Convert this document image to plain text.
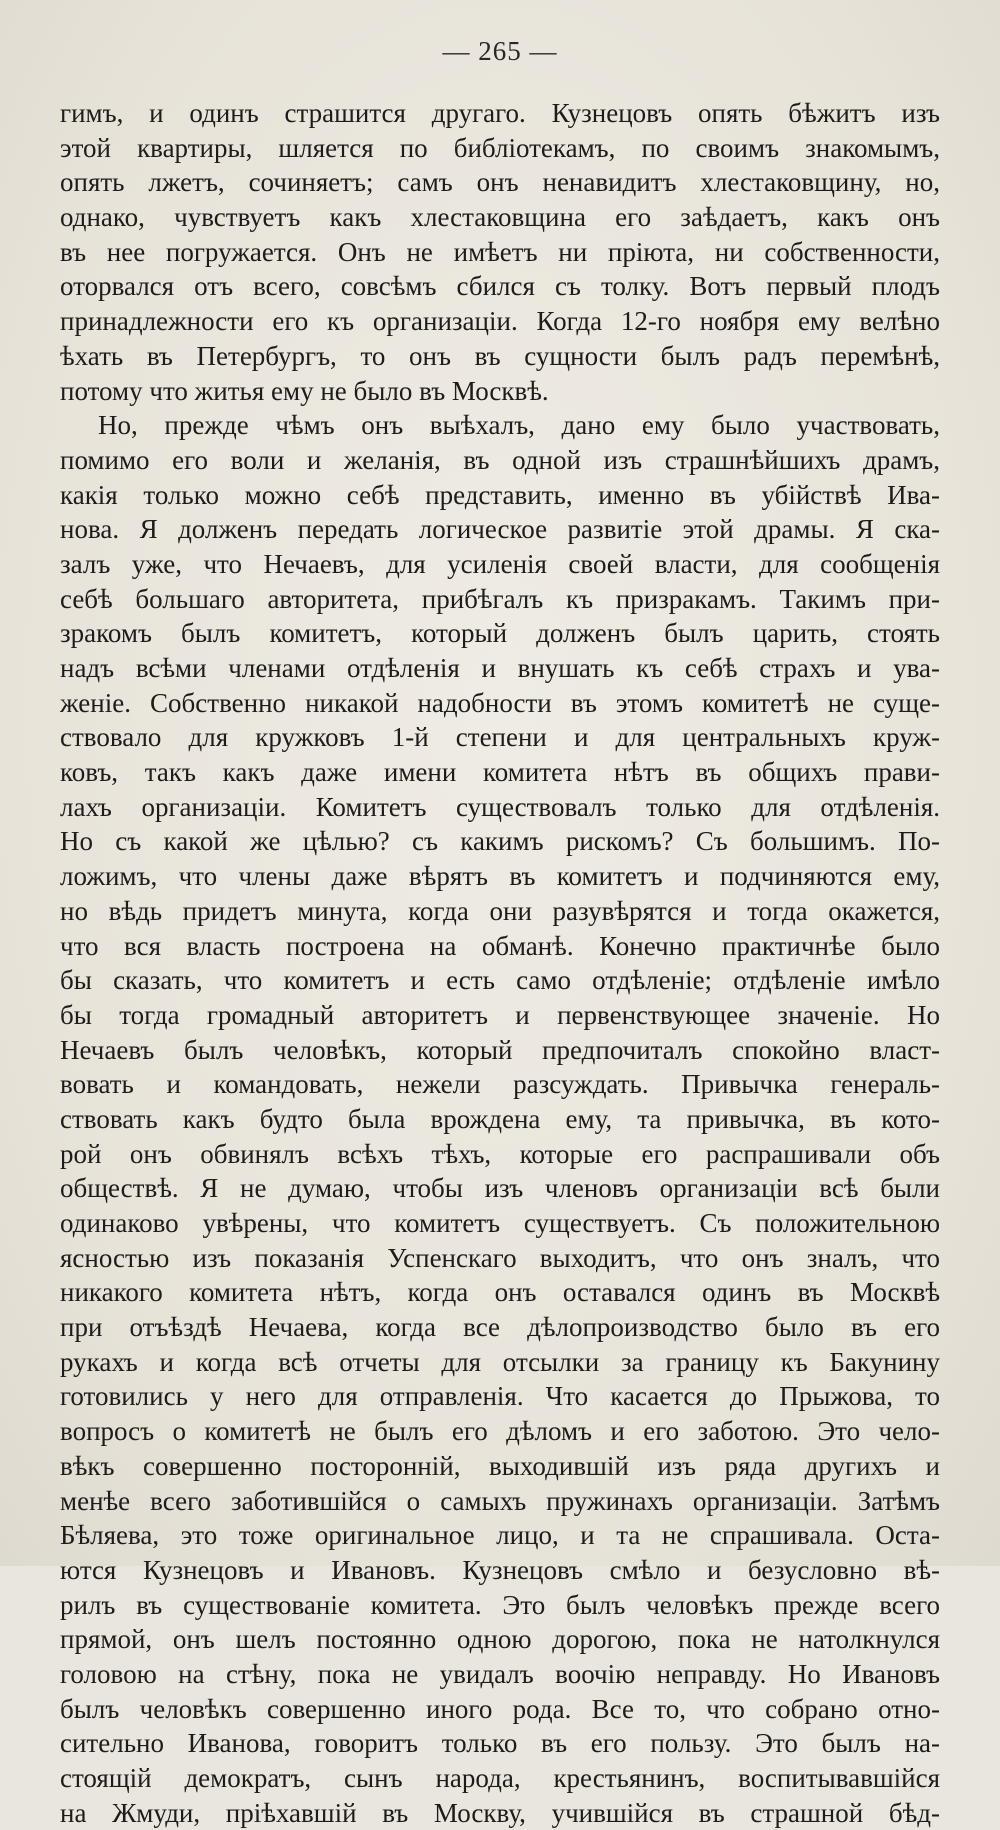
— 265 —
гимъ, и одинъ страшится другаго. Кузнецовъ опять бѣжитъ изъ
этой квартиры, шляется по библіотекамъ, по своимъ знакомымъ,
опять лжетъ, сочиняетъ; самъ онъ ненавидитъ хлестаковщину, но,
однако, чувствуетъ какъ хлестаковщина его заѣдаетъ, какъ онъ
въ нее погружается. Онъ не имѣетъ ни пріюта, ни собственности,
оторвался отъ всего, совсѣмъ сбился съ толку. Вотъ первый плодъ
принадлежности его къ организаціи. Когда 12-го ноября ему велѣно
ѣхать въ Петербургъ, то онъ въ сущности былъ радъ перемѣнѣ,
потому что житья ему не было въ Москвѣ.
Но, прежде чѣмъ онъ выѣхалъ, дано ему было участвовать,
помимо его воли и желанія, въ одной изъ страшнѣйшихъ драмъ,
какія только можно себѣ представить, именно въ убійствѣ Ива-
нова. Я долженъ передать логическое развитіе этой драмы. Я ска-
залъ уже, что Нечаевъ, для усиленія своей власти, для сообщенія
себѣ большаго авторитета, прибѣгалъ къ призракамъ. Такимъ при-
зракомъ былъ комитетъ, который долженъ былъ царить, стоять
надъ всѣми членами отдѣленія и внушать къ себѣ страхъ и ува-
женіе. Собственно никакой надобности въ этомъ комитетѣ не суще-
ствовало для кружковъ 1-й степени и для центральныхъ круж-
ковъ, такъ какъ даже имени комитета нѣтъ въ общихъ прави-
лахъ организаціи. Комитетъ существовалъ только для отдѣленія.
Но съ какой же цѣлью? съ какимъ рискомъ? Съ большимъ. По-
ложимъ, что члены даже вѣрятъ въ комитетъ и подчиняются ему,
но вѣдь придетъ минута, когда они разувѣрятся и тогда окажется,
что вся власть построена на обманѣ. Конечно практичнѣе было
бы сказать, что комитетъ и есть само отдѣленіе; отдѣленіе имѣло
бы тогда громадный авторитетъ и первенствующее значеніе. Но
Нечаевъ былъ человѣкъ, который предпочиталъ спокойно власт-
вовать и командовать, нежели разсуждать. Привычка генераль-
ствовать какъ будто была врождена ему, та привычка, въ кото-
рой онъ обвинялъ всѣхъ тѣхъ, которые его распрашивали объ
обществѣ. Я не думаю, чтобы изъ членовъ организаціи всѣ были
одинаково увѣрены, что комитетъ существуетъ. Съ положительною
ясностью изъ показанія Успенскаго выходитъ, что онъ зналъ, что
никакого комитета нѣтъ, когда онъ оставался одинъ въ Москвѣ
при отъѣздѣ Нечаева, когда все дѣлопроизводство было въ его
рукахъ и когда всѣ отчеты для отсылки за границу къ Бакунину
готовились у него для отправленія. Что касается до Прыжова, то
вопросъ о комитетѣ не былъ его дѣломъ и его заботою. Это чело-
вѣкъ совершенно посторонній, выходившій изъ ряда другихъ и
менѣе всего заботившійся о самыхъ пружинахъ организаціи. Затѣмъ
Бѣляева, это тоже оригинальное лицо, и та не спрашивала. Оста-
ются Кузнецовъ и Ивановъ. Кузнецовъ смѣло и безусловно вѣ-
рилъ въ существованіе комитета. Это былъ человѣкъ прежде всего
прямой, онъ шелъ постоянно одною дорогою, пока не натолкнулся
головою на стѣну, пока не увидалъ воочію неправду. Но Ивановъ
былъ человѣкъ совершенно иного рода. Все то, что собрано отно-
сительно Иванова, говоритъ только въ его пользу. Это былъ на-
стоящій демократъ, сынъ народа, крестьянинъ, воспитывавшійся
на Жмуди, пріѣхавшій въ Москву, учившійся въ страшной бѣд-
